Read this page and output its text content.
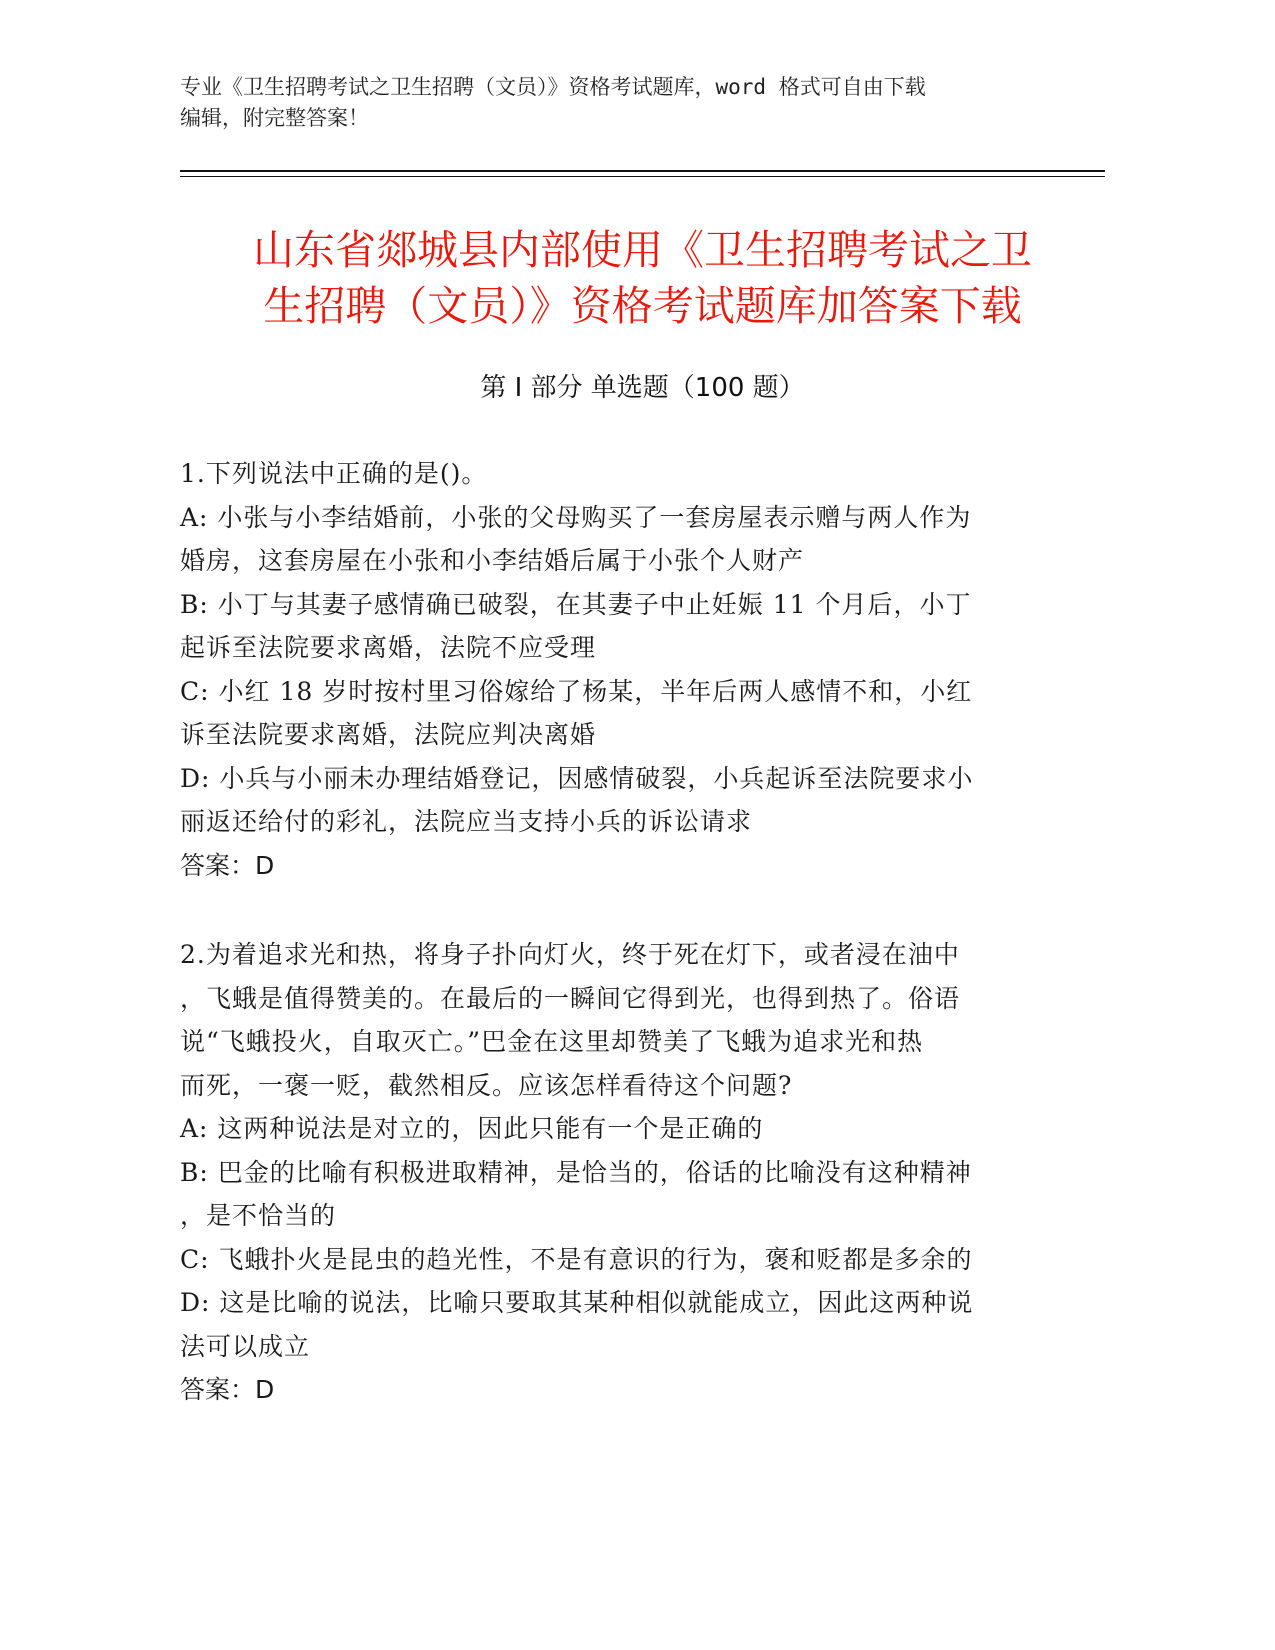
专业《卫生招聘考试之卫生招聘（文员）》资格考试题库，word 格式可自由下载
编辑，附完整答案！
山东省郯城县内部使用《卫生招聘考试之卫
生招聘（文员）》资格考试题库加答案下载
第 I 部分 单选题（100 题）
1.下列说法中正确的是()。
A: 小张与小李结婚前，小张的父母购买了一套房屋表示赠与两人作为
婚房，这套房屋在小张和小李结婚后属于小张个人财产
B: 小丁与其妻子感情确已破裂，在其妻子中止妊娠 11 个月后，小丁
起诉至法院要求离婚，法院不应受理
C: 小红 18 岁时按村里习俗嫁给了杨某，半年后两人感情不和，小红
诉至法院要求离婚，法院应判决离婚
D: 小兵与小丽未办理结婚登记，因感情破裂，小兵起诉至法院要求小
丽返还给付的彩礼，法院应当支持小兵的诉讼请求
答案：D
2.为着追求光和热，将身子扑向灯火，终于死在灯下，或者浸在油中
，飞蛾是值得赞美的。在最后的一瞬间它得到光，也得到热了。俗语
说“飞蛾投火，自取灭亡。”巴金在这里却赞美了飞蛾为追求光和热
而死，一褒一贬，截然相反。应该怎样看待这个问题?
A: 这两种说法是对立的，因此只能有一个是正确的
B: 巴金的比喻有积极进取精神，是恰当的，俗话的比喻没有这种精神
，是不恰当的
C: 飞蛾扑火是昆虫的趋光性，不是有意识的行为，褒和贬都是多余的
D: 这是比喻的说法，比喻只要取其某种相似就能成立，因此这两种说
法可以成立
答案：D
